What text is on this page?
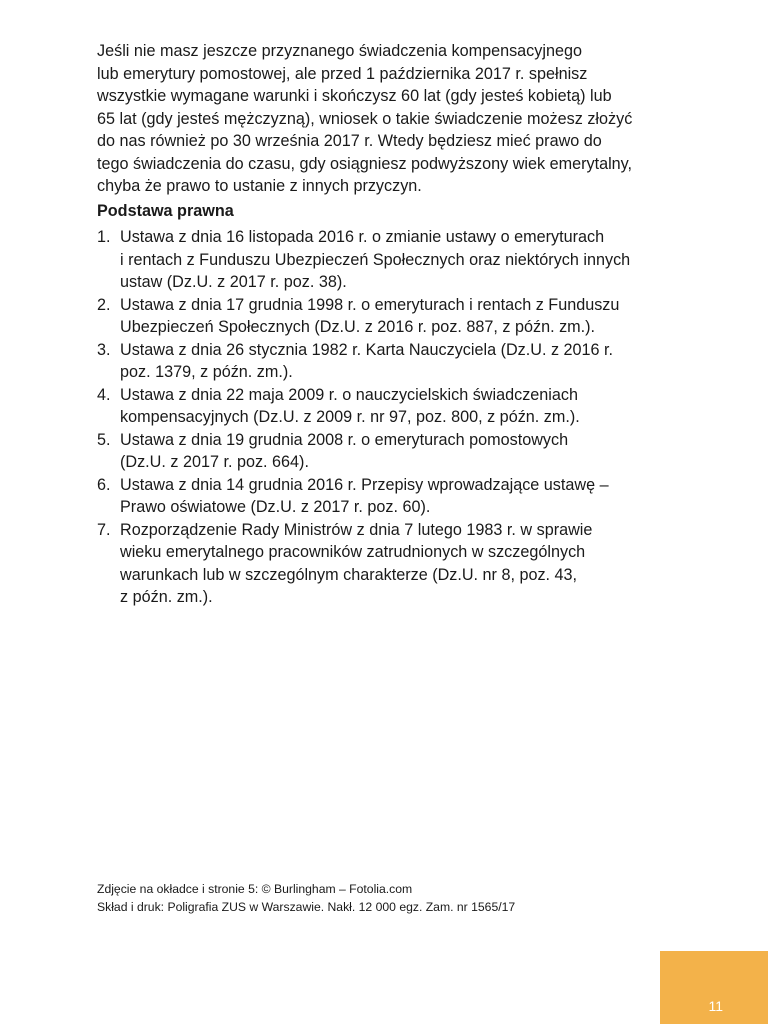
Jeśli nie masz jeszcze przyznanego świadczenia kompensacyjnego
lub emerytury pomostowej, ale przed 1 października 2017 r. spełnisz
wszystkie wymagane warunki i skończysz 60 lat (gdy jesteś kobietą) lub
65 lat (gdy jesteś mężczyzną), wniosek o takie świadczenie możesz złożyć
do nas również po 30 września 2017 r. Wtedy będziesz mieć prawo do
tego świadczenia do czasu, gdy osiągniesz podwyższony wiek emerytalny,
chyba że prawo to ustanie z innych przyczyn.

Podstawa prawna
1. Ustawa z dnia 16 listopada 2016 r. o zmianie ustawy o emeryturach
i rentach z Funduszu Ubezpieczeń Społecznych oraz niektórych innych
ustaw (Dz.U. z 2017 r. poz. 38).
2. Ustawa z dnia 17 grudnia 1998 r. o emeryturach i rentach z Funduszu
Ubezpieczeń Społecznych (Dz.U. z 2016 r. poz. 887, z późn. zm.).
3. Ustawa z dnia 26 stycznia 1982 r. Karta Nauczyciela (Dz.U. z 2016 r.
poz. 1379, z późn. zm.).
4. Ustawa z dnia 22 maja 2009 r. o nauczycielskich świadczeniach
kompensacyjnych (Dz.U. z 2009 r. nr 97, poz. 800, z późn. zm.).
5. Ustawa z dnia 19 grudnia 2008 r. o emeryturach pomostowych
(Dz.U. z 2017 r. poz. 664).
6. Ustawa z dnia 14 grudnia 2016 r. Przepisy wprowadzające ustawę –
Prawo oświatowe (Dz.U. z 2017 r. poz. 60).
7. Rozporządzenie Rady Ministrów z dnia 7 lutego 1983 r. w sprawie
wieku emerytalnego pracowników zatrudnionych w szczególnych
warunkach lub w szczególnym charakterze (Dz.U. nr 8, poz. 43,
z późn. zm.).
Zdjęcie na okładce i stronie 5: © Burlingham – Fotolia.com
Skład i druk: Poligrafia ZUS w Warszawie. Nakł. 12 000 egz. Zam. nr 1565/17
11
